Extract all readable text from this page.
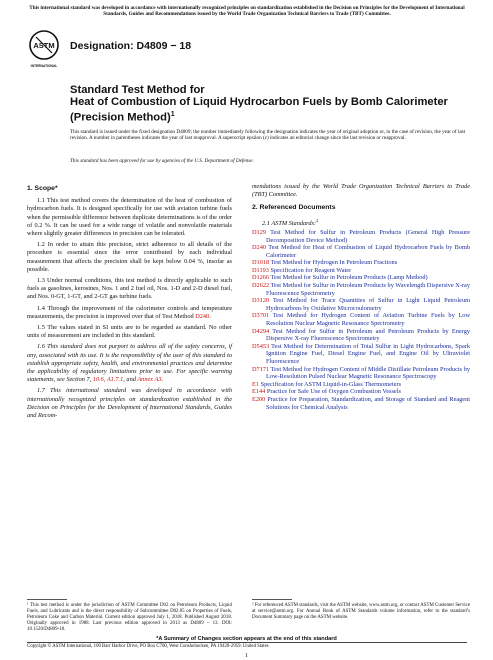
This international standard was developed in accordance with internationally recognized principles on standardization established in the Decision on Principles for the Development of International Standards, Guides and Recommendations issued by the World Trade Organization Technical Barriers to Trade (TBT) Committee.
ASTM
INTERNATIONAL
Designation: D4809 − 18
Standard Test Method for
Heat of Combustion of Liquid Hydrocarbon Fuels by Bomb Calorimeter (Precision Method)$^1$
This standard is issued under the fixed designation D4809; the number immediately following the designation indicates the year of original adoption or, in the case of revision, the year of last revision. A number in parentheses indicates the year of last reapproval. A superscript epsilon (ε) indicates an editorial change since the last revision or reapproval.
This standard has been approved for use by agencies of the U.S. Department of Defense.
1. Scope*

1.1 This test method covers the determination of the heat of combustion of hydrocarbon fuels. It is designed specifically for use with aviation turbine fuels when the permissible difference between duplicate determinations is of the order of 0.2 %. It can be used for a wide range of volatile and nonvolatile materials where slightly greater differences in precision can be tolerated.

1.2 In order to attain this precision, strict adherence to all details of the procedure is essential since the error contributed by each individual measurement that affects the precision shall be kept below 0.04 %, insofar as possible.

1.3 Under normal conditions, this test method is directly applicable to such fuels as gasolines, kerosines, Nos. 1 and 2 fuel oil, Nos. 1-D and 2-D diesel fuel, and Nos. 0-GT, 1-GT, and 2-GT gas turbine fuels.

1.4 Through the improvement of the calorimeter controls and temperature measurements, the precision is improved over that of Test Method D240.

1.5 The values stated in SI units are to be regarded as standard. No other units of measurement are included in this standard.

1.6 This standard does not purport to address all of the safety concerns, if any, associated with its use. It is the responsibility of the user of this standard to establish appropriate safety, health, and environmental practices and determine the applicability of regulatory limitations prior to use. For specific warning statements, see Section 7, 10.6, A1.7.1, and Annex A3.

1.7 This international standard was developed in accordance with internationally recognized principles on standardization established in the Decision on Principles for the Development of International Standards, Guides and Recom-

mendations issued by the World Trade Organization Technical Barriers to Trade (TBT) Committee.
2. Referenced Documents
2.1 ASTM Standards:$^2$
D129 Test Method for Sulfur in Petroleum Products (General High Pressure Decomposition Device Method)
D240 Test Method for Heat of Combustion of Liquid Hydrocarbon Fuels by Bomb Calorimeter
D1018 Test Method for Hydrogen In Petroleum Fractions
D1193 Specification for Reagent Water
D1266 Test Method for Sulfur in Petroleum Products (Lamp Method)
D2622 Test Method for Sulfur in Petroleum Products by Wavelength Dispersive X-ray Fluorescence Spectrometry
D3120 Test Method for Trace Quantities of Sulfur in Light Liquid Petroleum Hydrocarbons by Oxidative Microcoulometry
D3701 Test Method for Hydrogen Content of Aviation Turbine Fuels by Low Resolution Nuclear Magnetic Resonance Spectrometry
D4294 Test Method for Sulfur in Petroleum and Petroleum Products by Energy Dispersive X-ray Fluorescence Spectrometry
D5453 Test Method for Determination of Total Sulfur in Light Hydrocarbons, Spark Ignition Engine Fuel, Diesel Engine Fuel, and Engine Oil by Ultraviolet Fluorescence
D7171 Test Method for Hydrogen Content of Middle Distillate Petroleum Products by Low-Resolution Pulsed Nuclear Magnetic Resonance Spectroscopy
E1 Specification for ASTM Liquid-in-Glass Thermometers
E144 Practice for Safe Use of Oxygen Combustion Vessels
E200 Practice for Preparation, Standardization, and Storage of Standard and Reagent Solutions for Chemical Analysis
¹ This test method is under the jurisdiction of ASTM Committee D02 on Petroleum Products, Liquid Fuels, and Lubricants and is the direct responsibility of Subcommittee D02.05 on Properties of Fuels, Petroleum Coke and Carbon Material. Current edition approved July 1, 2018. Published August 2018. Originally approved in 1988. Last previous edition approved in 2013 as D4809 – 13. DOI: 10.1520/D4809-18.
² For referenced ASTM standards, visit the ASTM website, www.astm.org, or contact ASTM Customer Service at service@astm.org. For Annual Book of ASTM Standards volume information, refer to the standard’s Document Summary page on the ASTM website.
*A Summary of Changes section appears at the end of this standard
Copyright © ASTM International, 100 Barr Harbor Drive, PO Box C700, West Conshohocken, PA 19428-2959. United States
1
